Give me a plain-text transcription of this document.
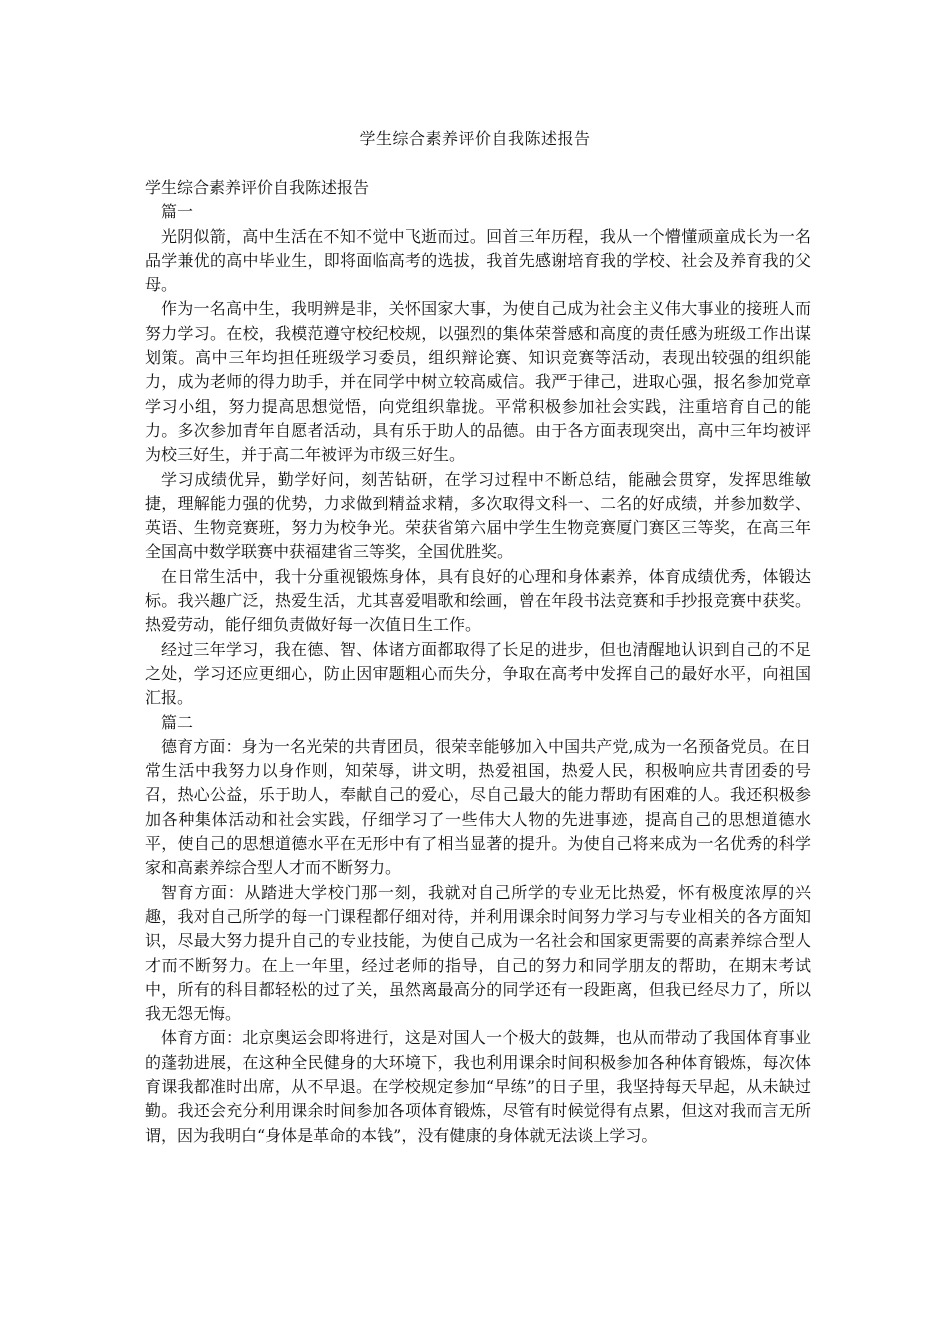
学生综合素养评价自我陈述报告

学生综合素养评价自我陈述报告

篇一

光阴似箭，高中生活在不知不觉中飞逝而过。回首三年历程，我从一个懵懂顽童成长为一名品学兼优的高中毕业生，即将面临高考的选拔，我首先感谢培育我的学校、社会及养育我的父母。

作为一名高中生，我明辨是非，关怀国家大事，为使自己成为社会主义伟大事业的接班人而努力学习。在校，我模范遵守校纪校规，以强烈的集体荣誉感和高度的责任感为班级工作出谋划策。高中三年均担任班级学习委员，组织辩论赛、知识竞赛等活动，表现出较强的组织能力，成为老师的得力助手，并在同学中树立较高威信。我严于律己，进取心强，报名参加党章学习小组，努力提高思想觉悟，向党组织靠拢。平常积极参加社会实践，注重培育自己的能力。多次参加青年自愿者活动，具有乐于助人的品德。由于各方面表现突出，高中三年均被评为校三好生，并于高二年被评为市级三好生。

学习成绩优异，勤学好问，刻苦钻研，在学习过程中不断总结，能融会贯穿，发挥思维敏捷，理解能力强的优势，力求做到精益求精，多次取得文科一、二名的好成绩，并参加数学、英语、生物竞赛班，努力为校争光。荣获省第六届中学生生物竞赛厦门赛区三等奖，在高三年全国高中数学联赛中获福建省三等奖，全国优胜奖。

在日常生活中，我十分重视锻炼身体，具有良好的心理和身体素养，体育成绩优秀，体锻达标。我兴趣广泛，热爱生活，尤其喜爱唱歌和绘画，曾在年段书法竞赛和手抄报竞赛中获奖。热爱劳动，能仔细负责做好每一次值日生工作。

经过三年学习，我在德、智、体诸方面都取得了长足的进步，但也清醒地认识到自己的不足之处，学习还应更细心，防止因审题粗心而失分，争取在高考中发挥自己的最好水平，向祖国汇报。

篇二

德育方面：身为一名光荣的共青团员，很荣幸能够加入中国共产党,成为一名预备党员。在日常生活中我努力以身作则，知荣辱，讲文明，热爱祖国，热爱人民，积极响应共青团委的号召，热心公益，乐于助人，奉献自己的爱心，尽自己最大的能力帮助有困难的人。我还积极参加各种集体活动和社会实践，仔细学习了一些伟大人物的先进事迹，提高自己的思想道德水平，使自己的思想道德水平在无形中有了相当显著的提升。为使自己将来成为一名优秀的科学家和高素养综合型人才而不断努力。

智育方面：从踏进大学校门那一刻，我就对自己所学的专业无比热爱，怀有极度浓厚的兴趣，我对自己所学的每一门课程都仔细对待，并利用课余时间努力学习与专业相关的各方面知识，尽最大努力提升自己的专业技能，为使自己成为一名社会和国家更需要的高素养综合型人才而不断努力。在上一年里，经过老师的指导，自己的努力和同学朋友的帮助，在期末考试中，所有的科目都轻松的过了关，虽然离最高分的同学还有一段距离，但我已经尽力了，所以我无怨无悔。

体育方面：北京奥运会即将进行，这是对国人一个极大的鼓舞，也从而带动了我国体育事业的蓬勃进展，在这种全民健身的大环境下，我也利用课余时间积极参加各种体育锻炼，每次体育课我都准时出席，从不早退。在学校规定参加“早练”的日子里，我坚持每天早起，从未缺过勤。我还会充分利用课余时间参加各项体育锻炼，尽管有时候觉得有点累，但这对我而言无所谓，因为我明白“身体是革命的本钱”，没有健康的身体就无法谈上学习。
